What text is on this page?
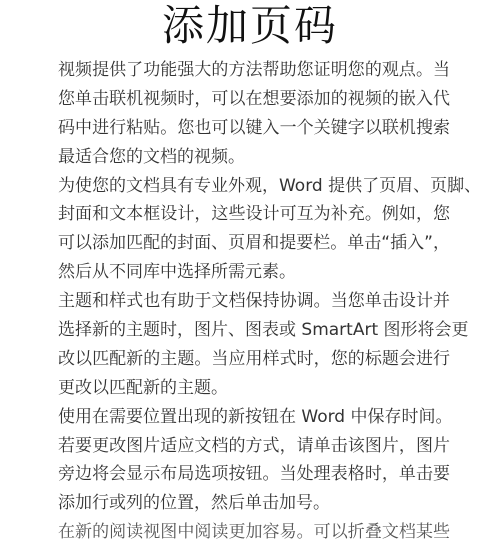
添加页码
视频提供了功能强大的方法帮助您证明您的观点。当
您单击联机视频时，可以在想要添加的视频的嵌入代
码中进行粘贴。您也可以键入一个关键字以联机搜索
最适合您的文档的视频。
为使您的文档具有专业外观，Word 提供了页眉、页脚、
封面和文本框设计，这些设计可互为补充。例如，您
可以添加匹配的封面、页眉和提要栏。单击“插入”，
然后从不同库中选择所需元素。
主题和样式也有助于文档保持协调。当您单击设计并
选择新的主题时，图片、图表或 SmartArt 图形将会更
改以匹配新的主题。当应用样式时，您的标题会进行
更改以匹配新的主题。
使用在需要位置出现的新按钮在 Word 中保存时间。
若要更改图片适应文档的方式，请单击该图片，图片
旁边将会显示布局选项按钮。当处理表格时，单击要
添加行或列的位置，然后单击加号。
在新的阅读视图中阅读更加容易。可以折叠文档某些
